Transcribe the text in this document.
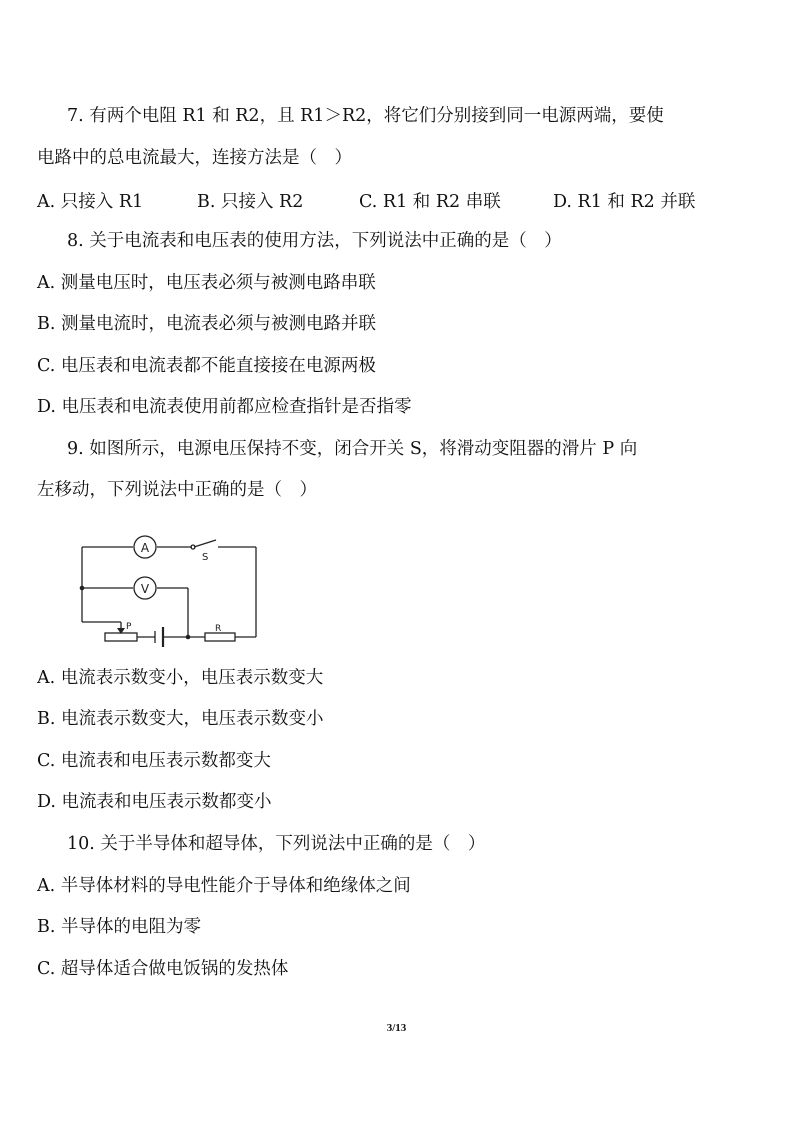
7. 有两个电阻 R1 和 R2，且 R1＞R2，将它们分别接到同一电源两端，要使
电路中的总电流最大，连接方法是（　）
A. 只接入 R1	B. 只接入 R2	C. R1 和 R2 串联	D. R1 和 R2 并联
8. 关于电流表和电压表的使用方法，下列说法中正确的是（　）
A. 测量电压时，电压表必须与被测电路串联
B. 测量电流时，电流表必须与被测电路并联
C. 电压表和电流表都不能直接接在电源两极
D. 电压表和电流表使用前都应检查指针是否指零
9. 如图所示，电源电压保持不变，闭合开关 S，将滑动变阻器的滑片 P 向
左移动，下列说法中正确的是（　）
A
V
S
P	R
A. 电流表示数变小，电压表示数变大
B. 电流表示数变大，电压表示数变小
C. 电流表和电压表示数都变大
D. 电流表和电压表示数都变小
10. 关于半导体和超导体，下列说法中正确的是（　）
A. 半导体材料的导电性能介于导体和绝缘体之间
B. 半导体的电阻为零
C. 超导体适合做电饭锅的发热体
3/13
